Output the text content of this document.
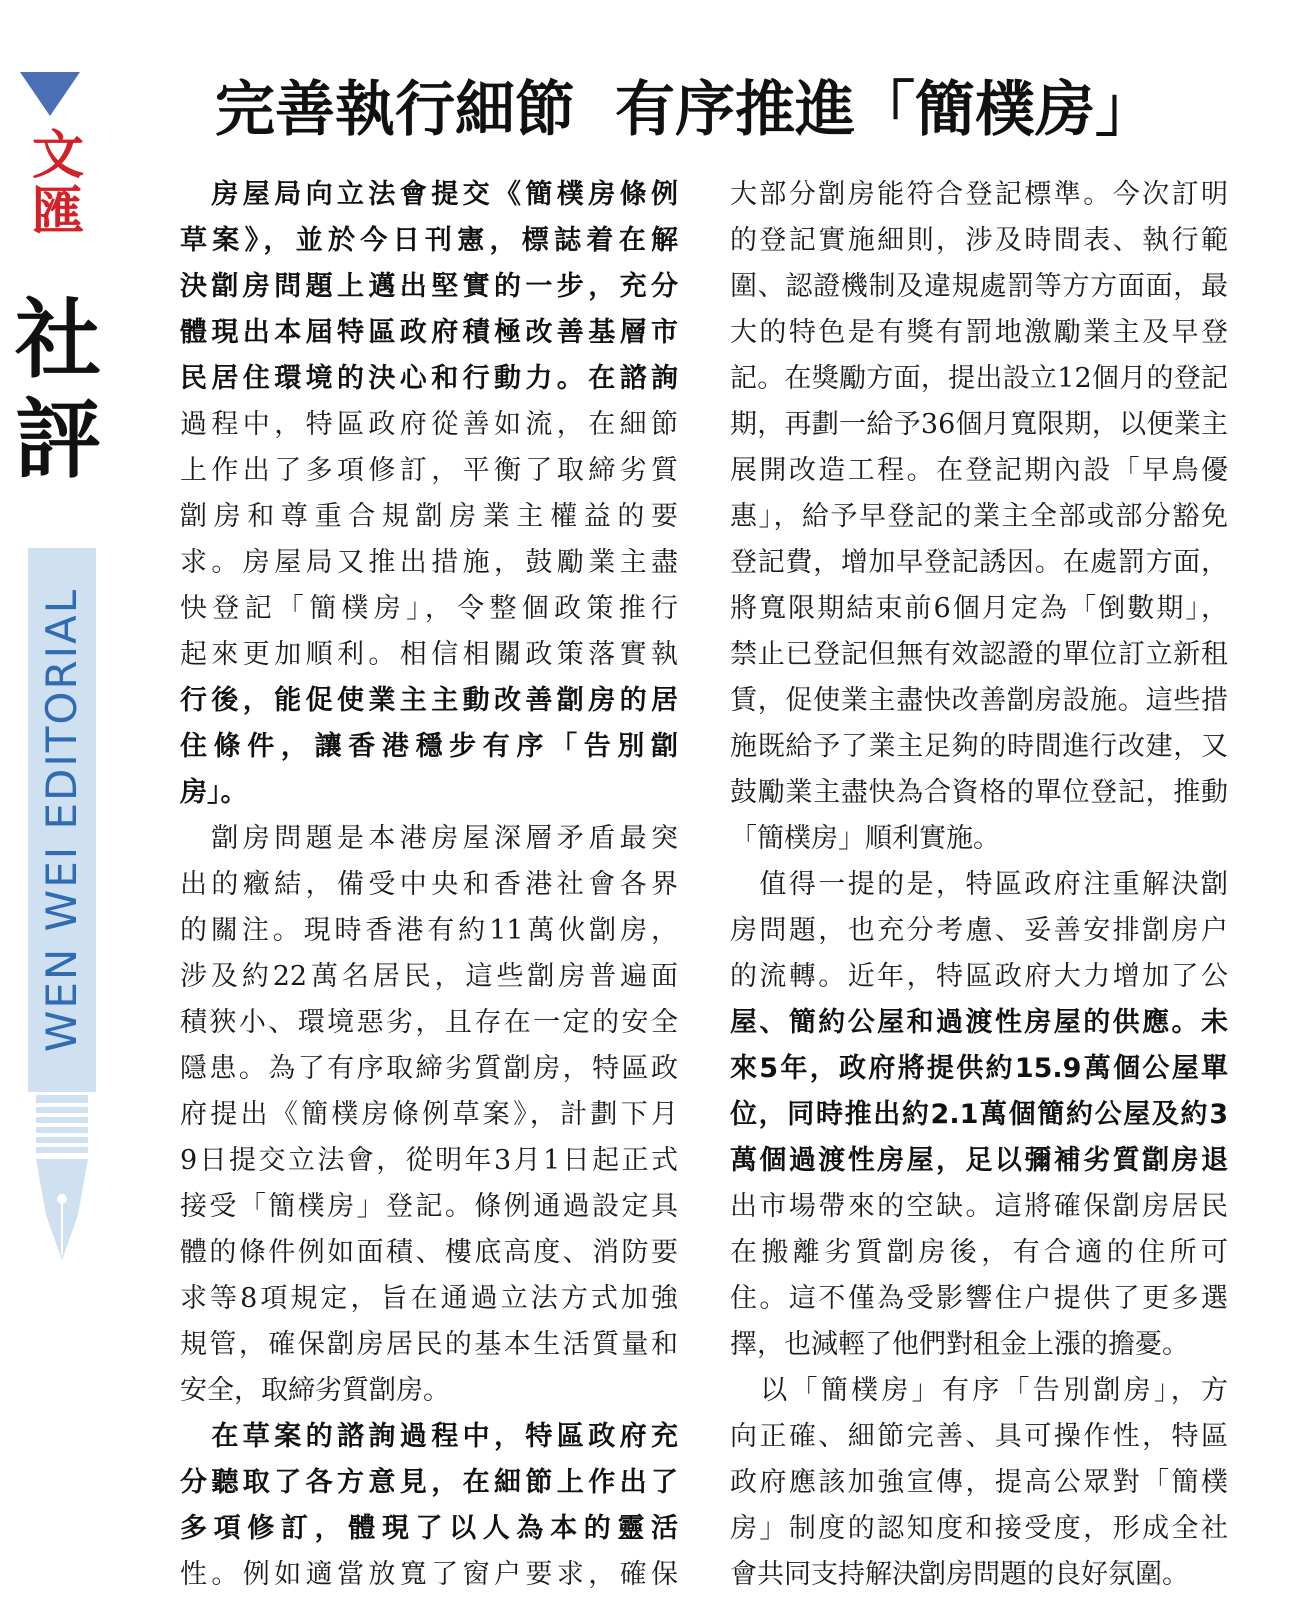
文
匯
社
評
WEN WEI EDITORIAL
完善執行細節 有序推進「簡樸房」
　房屋局向立法會提交《簡樸房條例
草案》，並於今日刊憲，標誌着在解
決劏房問題上邁出堅實的一步，充分
體現出本屆特區政府積極改善基層市
民居住環境的決心和行動力。在諮詢
過程中，特區政府從善如流，在細節
上作出了多項修訂，平衡了取締劣質
劏房和尊重合規劏房業主權益的要
求。房屋局又推出措施，鼓勵業主盡
快登記「簡樸房」，令整個政策推行
起來更加順利。相信相關政策落實執
行後，能促使業主主動改善劏房的居
住條件，讓香港穩步有序「告別劏
房」。
　劏房問題是本港房屋深層矛盾最突
出的癥結，備受中央和香港社會各界
的關注。現時香港有約11萬伙劏房，
涉及約22萬名居民，這些劏房普遍面
積狹小、環境惡劣，且存在一定的安全
隱患。為了有序取締劣質劏房，特區政
府提出《簡樸房條例草案》，計劃下月
9日提交立法會，從明年3月1日起正式
接受「簡樸房」登記。條例通過設定具
體的條件例如面積、樓底高度、消防要
求等8項規定，旨在通過立法方式加強
規管，確保劏房居民的基本生活質量和
安全，取締劣質劏房。
　在草案的諮詢過程中，特區政府充
分聽取了各方意見，在細節上作出了
多項修訂，體現了以人為本的靈活
性。例如適當放寬了窗户要求，確保
大部分劏房能符合登記標準。今次訂明
的登記實施細則，涉及時間表、執行範
圍、認證機制及違規處罰等方方面面，最
大的特色是有獎有罰地激勵業主及早登
記。在獎勵方面，提出設立12個月的登記
期，再劃一給予36個月寬限期，以便業主
展開改造工程。在登記期內設「早鳥優
惠」，給予早登記的業主全部或部分豁免
登記費，增加早登記誘因。在處罰方面，
將寬限期結束前6個月定為「倒數期」，
禁止已登記但無有效認證的單位訂立新租
賃，促使業主盡快改善劏房設施。這些措
施既給予了業主足夠的時間進行改建，又
鼓勵業主盡快為合資格的單位登記，推動
「簡樸房」順利實施。
　值得一提的是，特區政府注重解決劏
房問題，也充分考慮、妥善安排劏房户
的流轉。近年，特區政府大力增加了公
屋、簡約公屋和過渡性房屋的供應。未
來5年，政府將提供約15.9萬個公屋單
位，同時推出約2.1萬個簡約公屋及約3
萬個過渡性房屋，足以彌補劣質劏房退
出市場帶來的空缺。這將確保劏房居民
在搬離劣質劏房後，有合適的住所可
住。這不僅為受影響住户提供了更多選
擇，也減輕了他們對租金上漲的擔憂。
　以「簡樸房」有序「告別劏房」，方
向正確、細節完善、具可操作性，特區
政府應該加強宣傳，提高公眾對「簡樸
房」制度的認知度和接受度，形成全社
會共同支持解決劏房問題的良好氛圍。
